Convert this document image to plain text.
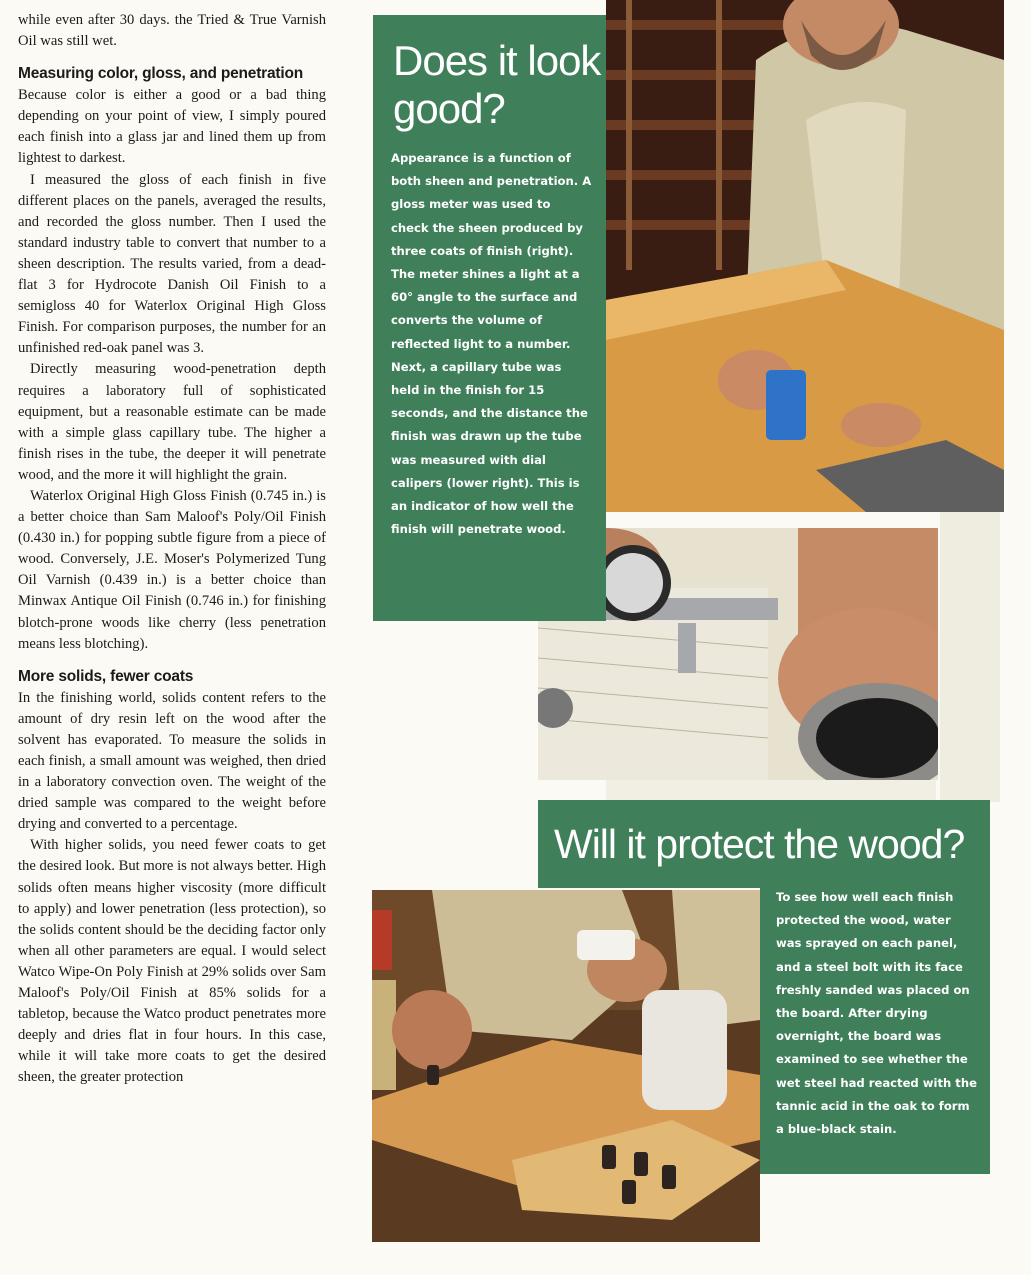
while even after 30 days. the Tried & True Varnish Oil was still wet.

Measuring color, gloss, and penetration

Because color is either a good or a bad thing depending on your point of view, I simply poured each finish into a glass jar and lined them up from lightest to darkest.

I measured the gloss of each finish in five different places on the panels, averaged the results, and recorded the gloss number. Then I used the standard industry table to convert that number to a sheen description. The results varied, from a dead-flat 3 for Hydrocote Danish Oil Finish to a semigloss 40 for Waterlox Original High Gloss Finish. For comparison purposes, the number for an unfinished red-oak panel was 3.

Directly measuring wood-penetration depth requires a laboratory full of sophisticated equipment, but a reasonable estimate can be made with a simple glass capillary tube. The higher a finish rises in the tube, the deeper it will penetrate wood, and the more it will highlight the grain.

Waterlox Original High Gloss Finish (0.745 in.) is a better choice than Sam Maloof's Poly/Oil Finish (0.430 in.) for popping subtle figure from a piece of wood. Conversely, J.E. Moser's Polymerized Tung Oil Varnish (0.439 in.) is a better choice than Minwax Antique Oil Finish (0.746 in.) for finishing blotch-prone woods like cherry (less penetration means less blotching).

More solids, fewer coats

In the finishing world, solids content refers to the amount of dry resin left on the wood after the solvent has evaporated. To measure the solids in each finish, a small amount was weighed, then dried in a laboratory convection oven. The weight of the dried sample was compared to the weight before drying and converted to a percentage.

With higher solids, you need fewer coats to get the desired look. But more is not always better. High solids often means higher viscosity (more difficult to apply) and lower penetration (less protection), so the solids content should be the deciding factor only when all other parameters are equal. I would select Watco Wipe-On Poly Finish at 29% solids over Sam Maloof's Poly/Oil Finish at 85% solids for a tabletop, because the Watco product penetrates more deeply and dries flat in four hours. In this case, while it will take more coats to get the desired sheen, the greater protection

Does it look good?
Appearance is a function of both sheen and penetration. A gloss meter was used to check the sheen produced by three coats of finish (right). The meter shines a light at a 60° angle to the surface and converts the volume of reflected light to a number. Next, a capillary tube was held in the finish for 15 seconds, and the distance the finish was drawn up the tube was measured with dial calipers (lower right). This is an indicator of how well the finish will penetrate wood.
Will it protect the wood?
To see how well each finish protected the wood, water was sprayed on each panel, and a steel bolt with its face freshly sanded was placed on the board. After drying overnight, the board was examined to see whether the wet steel had reacted with the tannic acid in the oak to form a blue-black stain.
